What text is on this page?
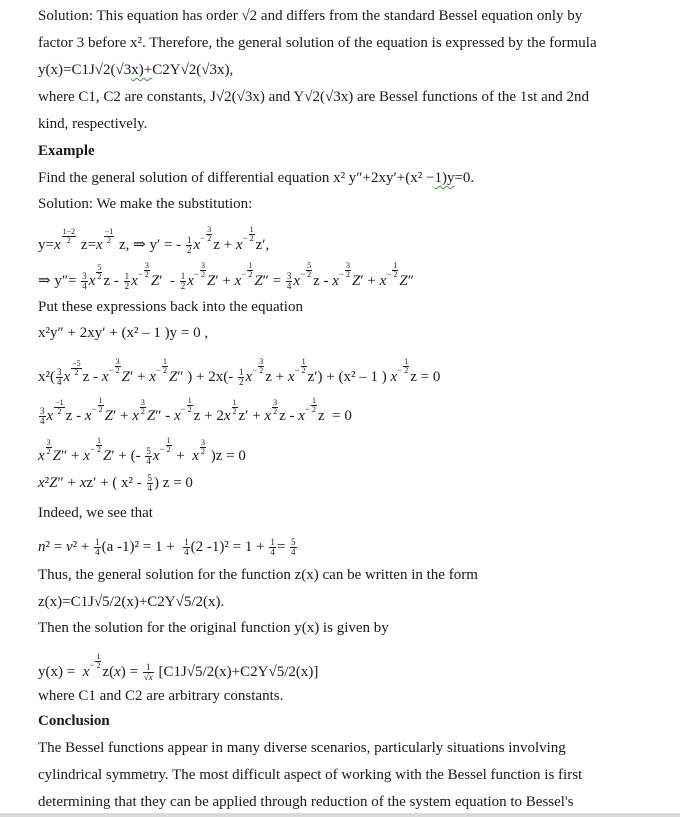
Solution: This equation has order √2 and differs from the standard Bessel equation only by
factor 3 before x². Therefore, the general solution of the equation is expressed by the formula
y(x)=C1J√2(√3x)+C2Y√2(√3x),
where C1, C2 are constants, J√2(√3x) and Y√2(√3x) are Bessel functions of the 1st and 2nd
kind, respectively.
Example
Find the general solution of differential equation x² y″+2xy′+(x² −1)y=0.
Solution: We make the substitution:
$y=x \frac{1-2}{2} z=x \frac{-1}{2} z$, ⇒ y′ = - $\frac{1}{2} x- \frac{3}{2}$
$z + x- \frac{1}{2}$
z′,
⇒ $y''= \frac{3}{4}$ x $\frac{5}{2}$ $z - \frac{1}{2} x- \frac{3}{2}$
$Z' - \frac{1}{2} x- \frac{3}{2}$
$Z' + x- \frac{1}{2}$
$Z'' = \frac{3}{4} x- \frac{5}{2}$
$z - x- \frac{3}{2}$
$Z' + x- \frac{1}{2}$
Z″
Put these expressions back into the equation
x²y″ + 2xy′ + (x² – 1 )y = 0 ,
$x^2( \frac{3}{4}$ x $\frac{-5}{2}$ $z - x- \frac{3}{2}$
$Z' + x- \frac{1}{2}$
Z″ ) + $2x(- \frac{1}{2} x- \frac{3}{2}$
$z + x- \frac{1}{2}$
z′) + (x² – 1 ) $x- \frac{1}{2}$
z = 0
$\frac{3}{4}$ x $\frac{-1}{2}$ $z - x- \frac{1}{2}$
Z′ + x $\frac{3}{2} Z'' - x- \frac{1}{2}$
$z + 2x \frac{1}{2} z' + x \frac{3}{2}$ $z - x- \frac{1}{2}$
z  = 0
x $\frac{3}{2} Z'' + x- \frac{1}{2}$
Z′ + (- $\frac{5}{4} x- \frac{1}{2}$
+  x $\frac{3}{2} )z = 0$
x²Z″ + xz′ + ( $x^2 - \frac{5}{4}$ ) z = 0
Indeed, we see that
$n^2 = \nu^2 + \frac{1}{4} (a$ $-1)^2 = 1 + \frac{1}{4} (2$ $-1)^2 = 1 + \frac{1}{4} = \frac{5}{4}$
Thus, the general solution for the function z(x) can be written in the form
z(x)=C1J√5/2(x)+C2Y√5/2(x).
Then the solution for the original function y(x) is given by
$y(x) = x- \frac{1}{2}$
$z(x) = \frac{1}{√x} [C1J√5/2(x)+C2Y√5/2(x)]$
where C1 and C2 are arbitrary constants.
Conclusion
The Bessel functions appear in many diverse scenarios, particularly situations involving
cylindrical symmetry. The most difficult aspect of working with the Bessel function is first
determining that they can be applied through reduction of the system equation to Bessel's
